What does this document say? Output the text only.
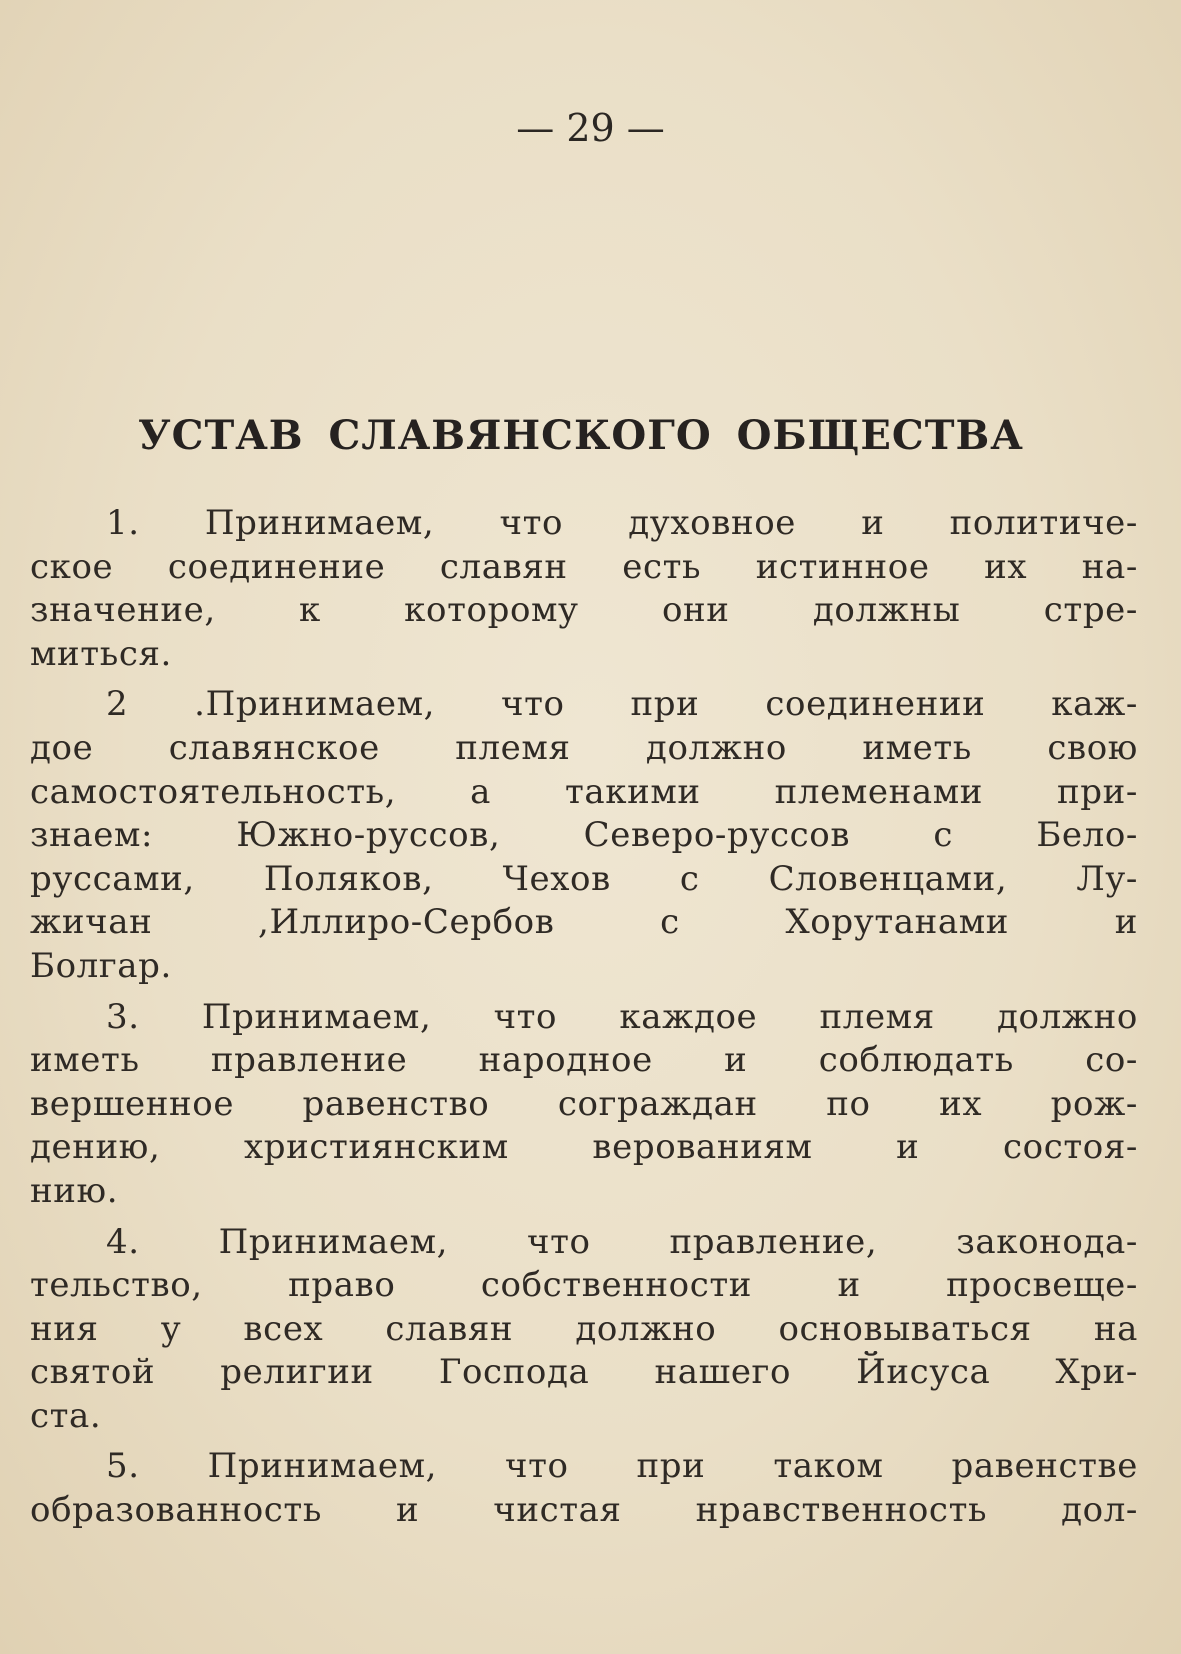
— 29 —
УСТАВ СЛАВЯНСКОГО ОБЩЕСТВА
1. Принимаем, что духовное и политиче-
ское соединение славян есть истинное их на-
значение, к которому они должны стре-
миться.
2 .Принимаем, что при соединении каж-
дое славянское племя должно иметь свою
самостоятельность, а такими племенами при-
знаем: Южно-руссов, Северо-руссов с Бело-
руссами, Поляков, Чехов с Словенцами, Лу-
жичан ,Иллиро-Сербов с Хорутанами и
Болгар.
3. Принимаем, что каждое племя должно
иметь правление народное и соблюдать со-
вершенное равенство сограждан по их рож-
дению, християнским верованиям и состоя-
нию.
4. Принимаем, что правление, законода-
тельство, право собственности и просвеще-
ния у всех славян должно основываться на
святой религии Господа нашего Йисуса Хри-
ста.
5. Принимаем, что при таком равенстве
образованность и чистая нравственность дол-
